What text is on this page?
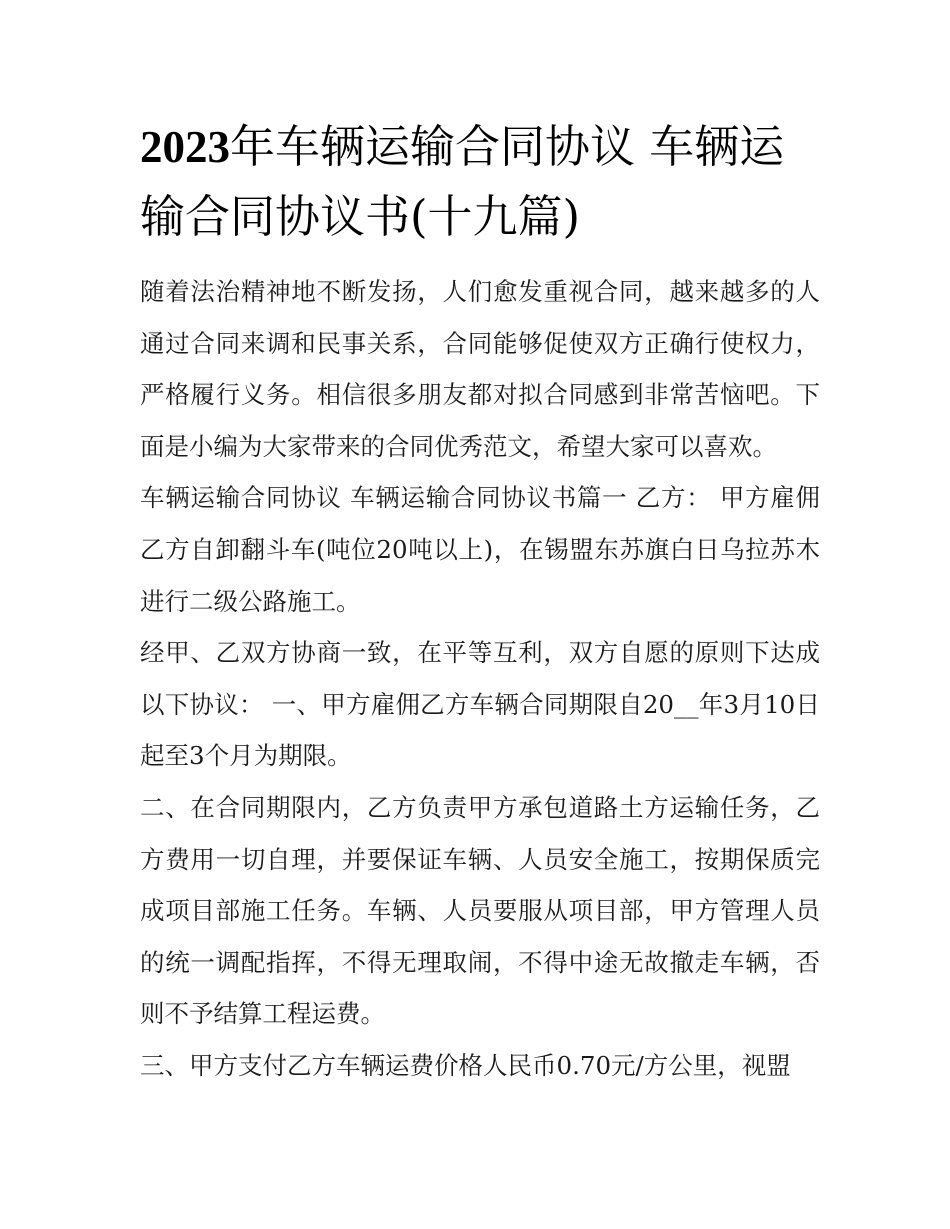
2023年车辆运输合同协议 车辆运输合同协议书(十九篇)

随着法治精神地不断发扬，人们愈发重视合同，越来越多的人通过合同来调和民事关系，合同能够促使双方正确行使权力，严格履行义务。相信很多朋友都对拟合同感到非常苦恼吧。下面是小编为大家带来的合同优秀范文，希望大家可以喜欢。

车辆运输合同协议 车辆运输合同协议书篇一 乙方： 甲方雇佣乙方自卸翻斗车(吨位20吨以上)，在锡盟东苏旗白日乌拉苏木进行二级公路施工。

经甲、乙双方协商一致，在平等互利，双方自愿的原则下达成以下协议： 一、甲方雇佣乙方车辆合同期限自20__年3月10日起至3个月为期限。

二、在合同期限内，乙方负责甲方承包道路土方运输任务，乙方费用一切自理，并要保证车辆、人员安全施工，按期保质完成项目部施工任务。车辆、人员要服从项目部，甲方管理人员的统一调配指挥，不得无理取闹，不得中途无故撤走车辆，否则不予结算工程运费。

三、甲方支付乙方车辆运费价格人民币0.70元/方公里，视盟
